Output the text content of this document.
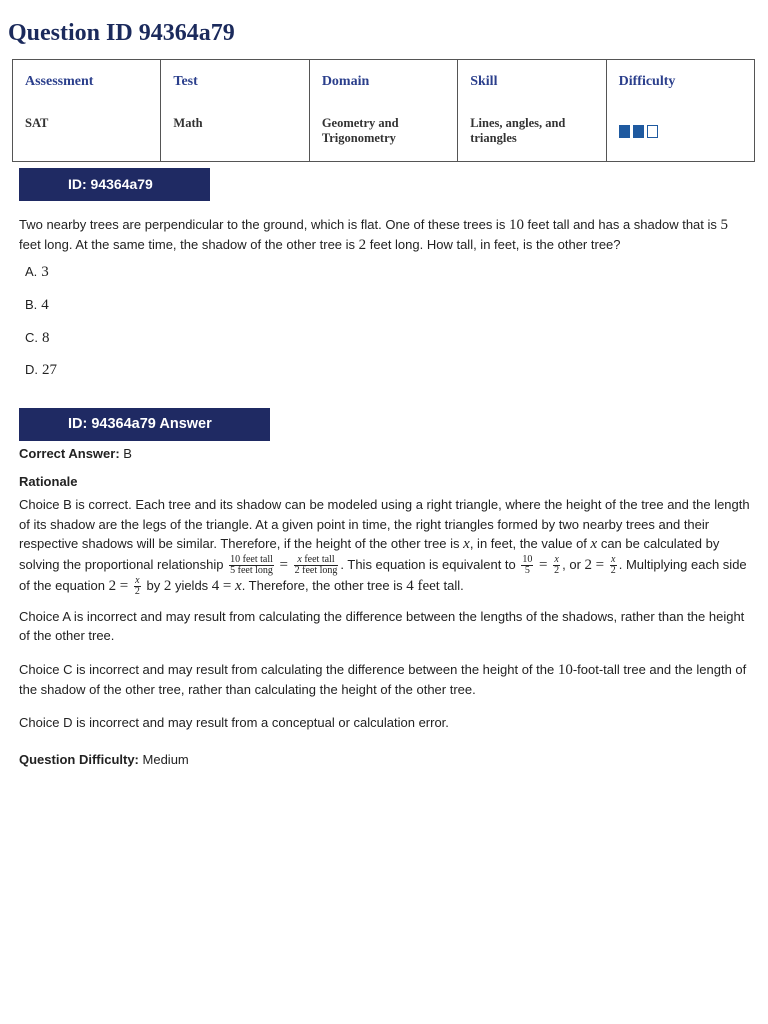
Question ID 94364a79
Assessment
SAT
Test
Math
Domain
Geometry and
Trigonometry
Skill
Lines, angles, and
triangles
Difficulty
ID: 94364a79
Two nearby trees are perpendicular to the ground, which is flat. One of these trees is 10 feet tall and has a shadow that is 5 feet long. At the same time, the shadow of the other tree is 2 feet long. How tall, in feet, is the other tree?
A. 3
B. 4
C. 8
D. 27
ID: 94364a79 Answer
Correct Answer: B
Rationale
Choice B is correct. Each tree and its shadow can be modeled using a right triangle, where the height of the tree and the length of its shadow are the legs of the triangle. At a given point in time, the right triangles formed by two nearby trees and their respective shadows will be similar. Therefore, if the height of the other tree is x, in feet, the value of x can be calculated by solving the proportional relationship $\frac{\text{10 feet tall}}{\text{5 feet long}} = \frac{\text{x feet tall}}{\text{2 feet long}}$ . This equation is equivalent to $\frac{10}{5} = \frac{x}{2}$ , or $2 = \frac{x}{2}$ . Multiplying each side of the equation $2 = \frac{x}{2}$ by 2 yields 4 = x. Therefore, the other tree is 4 feet tall.
Choice A is incorrect and may result from calculating the difference between the lengths of the shadows, rather than the height of the other tree.
Choice C is incorrect and may result from calculating the difference between the height of the 10-foot-tall tree and the length of the shadow of the other tree, rather than calculating the height of the other tree.
Choice D is incorrect and may result from a conceptual or calculation error.
Question Difficulty: Medium
